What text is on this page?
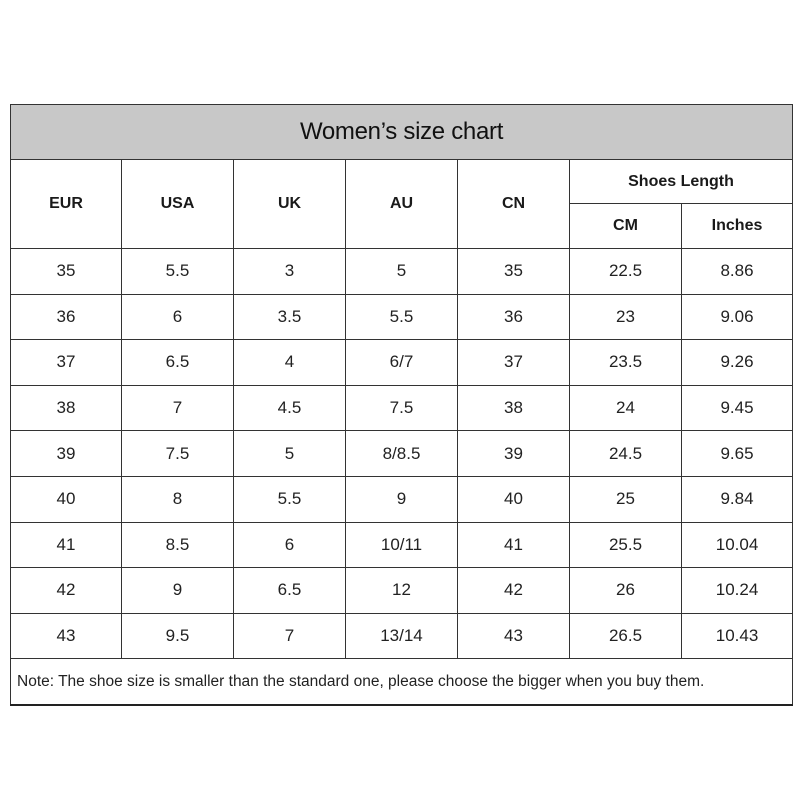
Women’s size chart						
EUR	USA	UK	AU	CN	Shoes Length	
					CM	Inches
35	5.5	3	5	35	22.5	8.86
36	6	3.5	5.5	36	23	9.06
37	6.5	4	6/7	37	23.5	9.26
38	7	4.5	7.5	38	24	9.45
39	7.5	5	8/8.5	39	24.5	9.65
40	8	5.5	9	40	25	9.84
41	8.5	6	10/11	41	25.5	10.04
42	9	6.5	12	42	26	10.24
43	9.5	7	13/14	43	26.5	10.43
Note: The shoe size is smaller than the standard one, please choose the bigger when you buy them.						
